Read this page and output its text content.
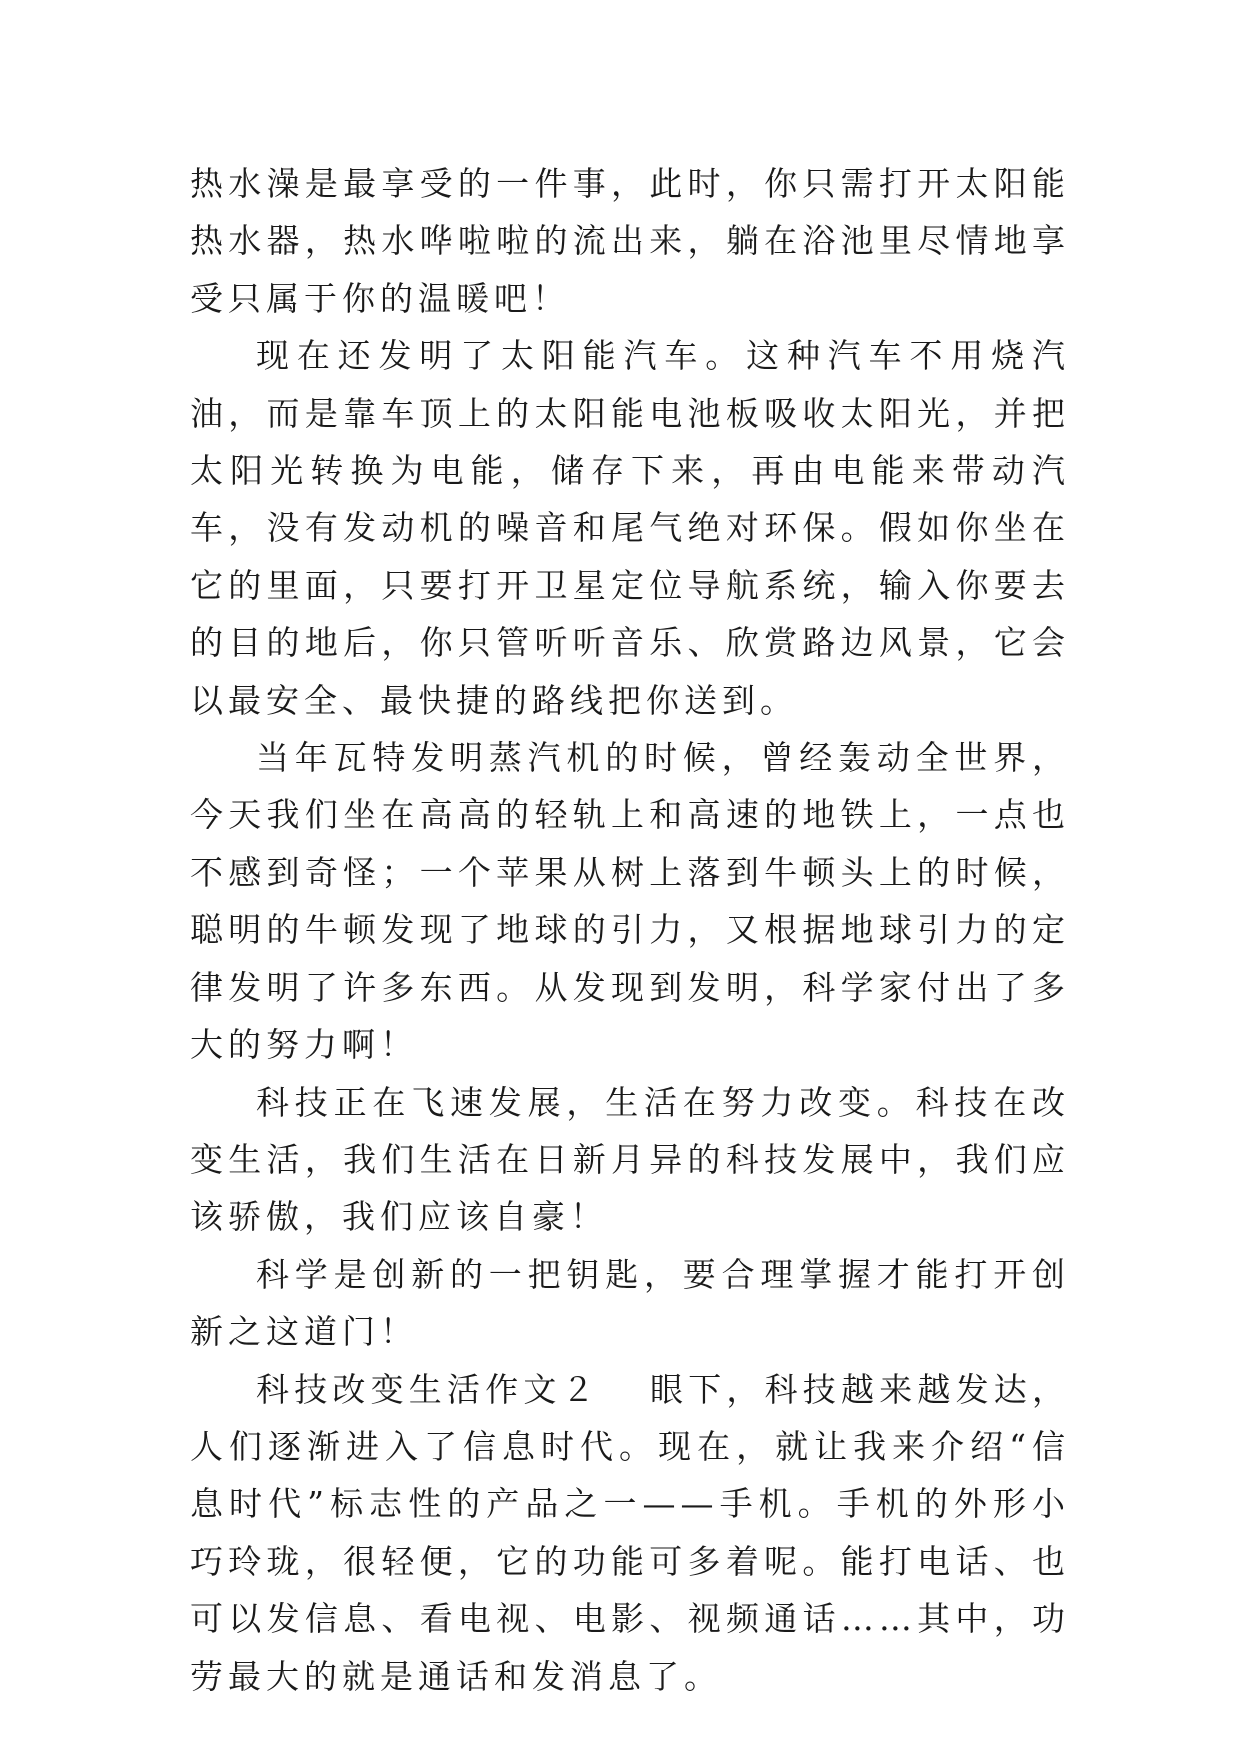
热水澡是最享受的一件事，此时，你只需打开太阳能热水器，热水哗啦啦的流出来，躺在浴池里尽情地享受只属于你的温暖吧！

现在还发明了太阳能汽车。这种汽车不用烧汽油，而是靠车顶上的太阳能电池板吸收太阳光，并把太阳光转换为电能，储存下来，再由电能来带动汽车，没有发动机的噪音和尾气绝对环保。假如你坐在它的里面，只要打开卫星定位导航系统，输入你要去的目的地后，你只管听听音乐、欣赏路边风景，它会以最安全、最快捷的路线把你送到。

当年瓦特发明蒸汽机的时候，曾经轰动全世界，今天我们坐在高高的轻轨上和高速的地铁上，一点也不感到奇怪；一个苹果从树上落到牛顿头上的时候，聪明的牛顿发现了地球的引力，又根据地球引力的定律发明了许多东西。从发现到发明，科学家付出了多大的努力啊！

科技正在飞速发展，生活在努力改变。科技在改变生活，我们生活在日新月异的科技发展中，我们应该骄傲，我们应该自豪！

科学是创新的一把钥匙，要合理掌握才能打开创新之这道门！

科技改变生活作文２ 眼下，科技越来越发达，人们逐渐进入了信息时代。现在，就让我来介绍“信息时代”标志性的产品之一——手机。手机的外形小巧玲珑，很轻便，它的功能可多着呢。能打电话、也可以发信息、看电视、电影、视频通话……其中，功劳最大的就是通话和发消息了。
